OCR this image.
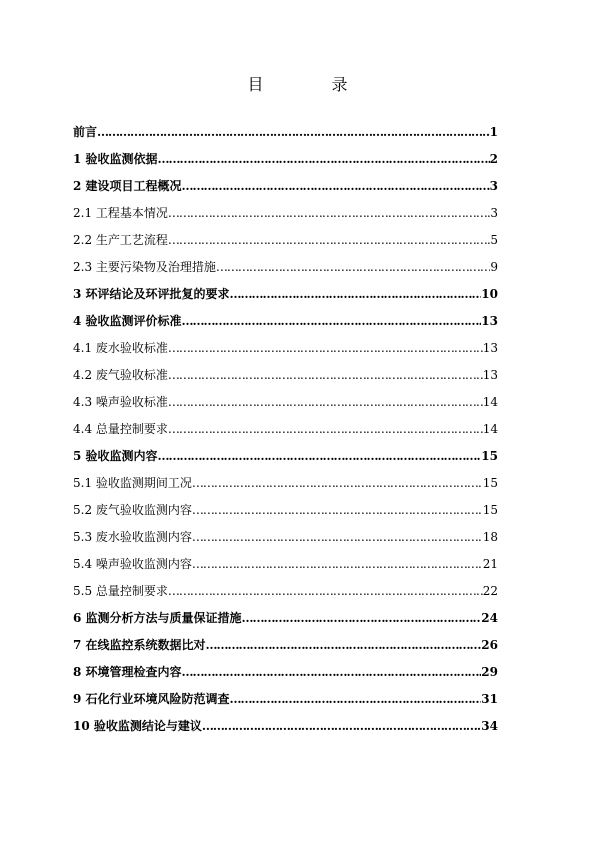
目　录
前言 ……………………………………………………………………………………………………………………………………………………	1
1 验收监测依据 ……………………………………………………………………………………………………………………………………………………	2
2 建设项目工程概况 ……………………………………………………………………………………………………………………………………………………	3
2.1 工程基本情况 ……………………………………………………………………………………………………………………………………………………	3
2.2 生产工艺流程 ……………………………………………………………………………………………………………………………………………………	5
2.3 主要污染物及治理措施 ……………………………………………………………………………………………………………………………………………………	9
3 环评结论及环评批复的要求 ……………………………………………………………………………………………………………………………………………………	10
4 验收监测评价标准 ……………………………………………………………………………………………………………………………………………………	13
4.1 废水验收标准 ……………………………………………………………………………………………………………………………………………………	13
4.2 废气验收标准 ……………………………………………………………………………………………………………………………………………………	13
4.3 噪声验收标准 ……………………………………………………………………………………………………………………………………………………	14
4.4 总量控制要求 ……………………………………………………………………………………………………………………………………………………	14
5 验收监测内容 ……………………………………………………………………………………………………………………………………………………	15
5.1 验收监测期间工况 ……………………………………………………………………………………………………………………………………………………	15
5.2 废气验收监测内容 ……………………………………………………………………………………………………………………………………………………	15
5.3 废水验收监测内容 ……………………………………………………………………………………………………………………………………………………	18
5.4 噪声验收监测内容 ……………………………………………………………………………………………………………………………………………………	21
5.5 总量控制要求 ……………………………………………………………………………………………………………………………………………………	22
6 监测分析方法与质量保证措施 ……………………………………………………………………………………………………………………………………………………	24
7 在线监控系统数据比对 ……………………………………………………………………………………………………………………………………………………	26
8 环境管理检查内容 ……………………………………………………………………………………………………………………………………………………	29
9 石化行业环境风险防范调查 ……………………………………………………………………………………………………………………………………………………	31
10 验收监测结论与建议 ……………………………………………………………………………………………………………………………………………………	34
